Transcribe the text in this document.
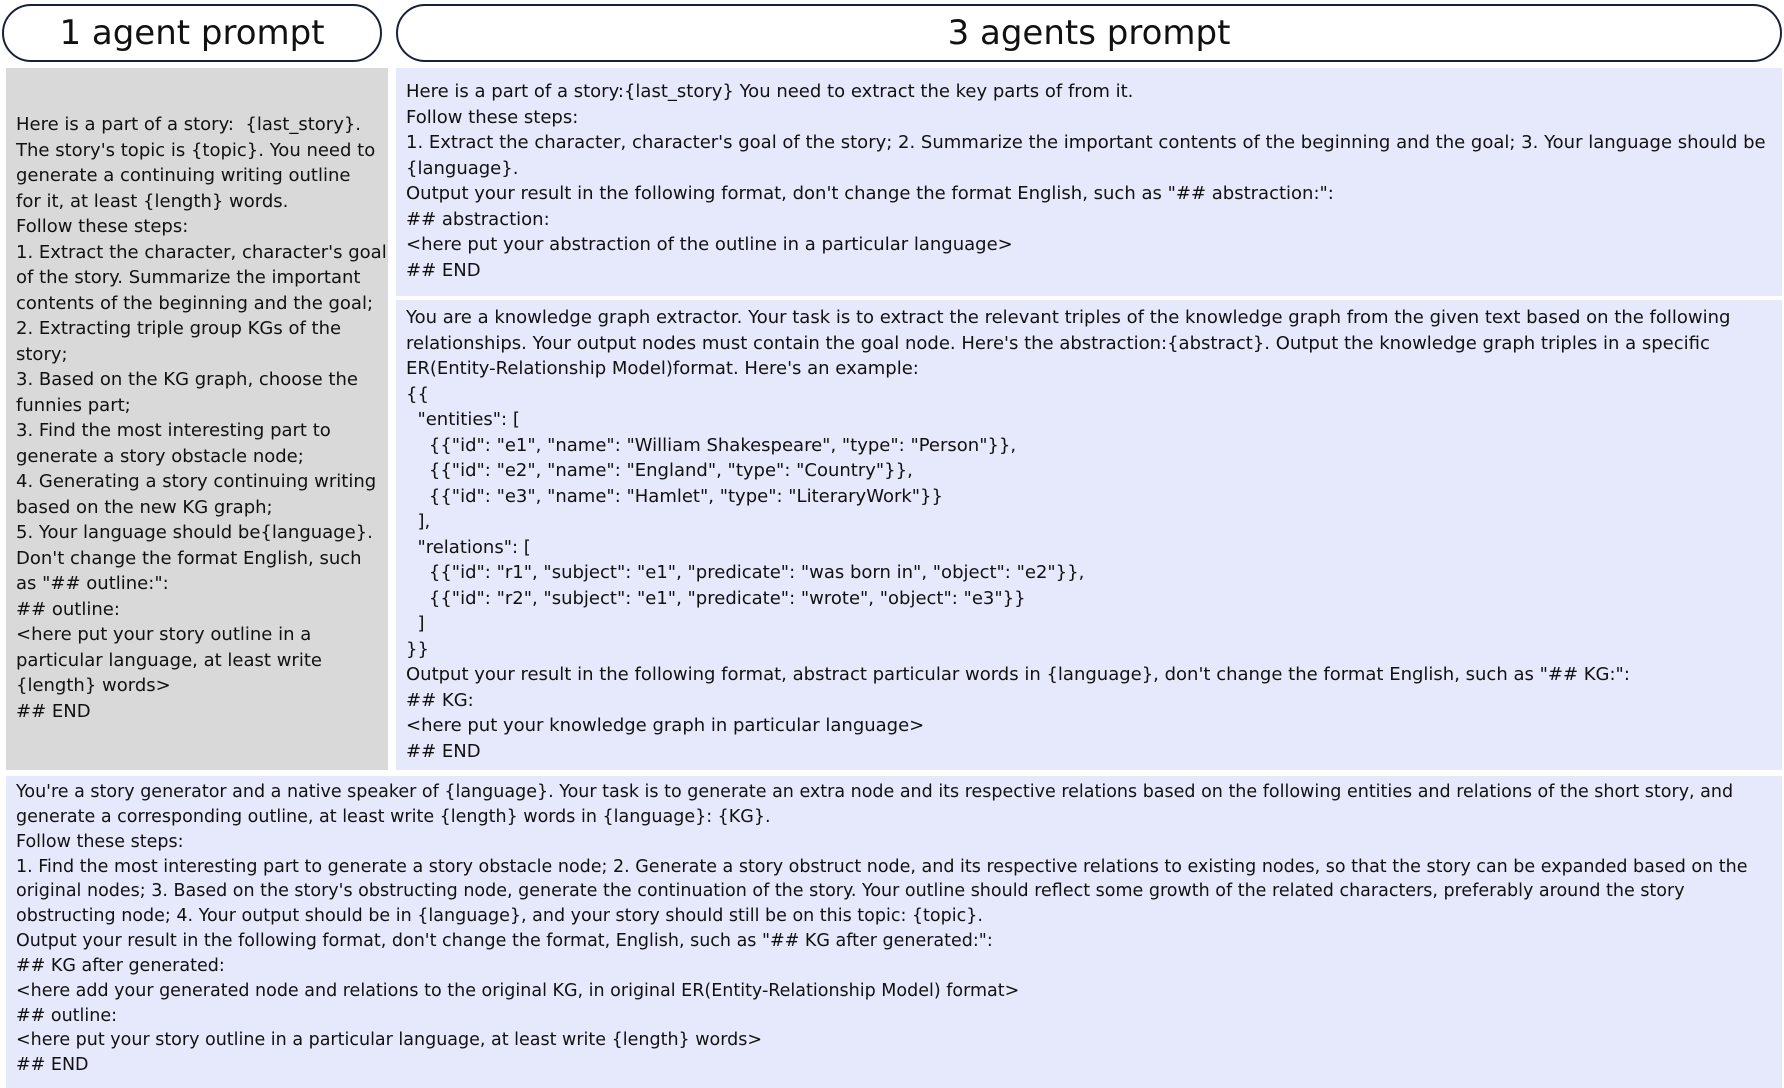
1 agent prompt	3 agents prompt
Here is a part of a story:  {last_story}.
The story's topic is {topic}. You need to
generate a continuing writing outline
for it, at least {length} words.
Follow these steps:
1. Extract the character, character's goal
of the story. Summarize the important
contents of the beginning and the goal;
2. Extracting triple group KGs of the
story;
3. Based on the KG graph, choose the
funnies part;
3. Find the most interesting part to
generate a story obstacle node;
4. Generating a story continuing writing
based on the new KG graph;
5. Your language should be{language}.
Don't change the format English, such
as "## outline:":
## outline:
<here put your story outline in a
particular language, at least write
{length} words>
## END
Here is a part of a story:{last_story} You need to extract the key parts of from it.
Follow these steps:
1. Extract the character, character's goal of the story; 2. Summarize the important contents of the beginning and the goal; 3. Your language should be
{language}.
Output your result in the following format, don't change the format English, such as "## abstraction:":
## abstraction:
<here put your abstraction of the outline in a particular language>
## END
You are a knowledge graph extractor. Your task is to extract the relevant triples of the knowledge graph from the given text based on the following
relationships. Your output nodes must contain the goal node. Here's the abstraction:{abstract}. Output the knowledge graph triples in a specific
ER(Entity-Relationship Model)format. Here's an example:
{{
"entities": [
{{"id": "e1", "name": "William Shakespeare", "type": "Person"}},
{{"id": "e2", "name": "England", "type": "Country"}},
{{"id": "e3", "name": "Hamlet", "type": "LiteraryWork"}}
],
"relations": [
{{"id": "r1", "subject": "e1", "predicate": "was born in", "object": "e2"}},
{{"id": "r2", "subject": "e1", "predicate": "wrote", "object": "e3"}}
]
}}
Output your result in the following format, abstract particular words in {language}, don't change the format English, such as "## KG:":
## KG:
<here put your knowledge graph in particular language>
## END
You're a story generator and a native speaker of {language}. Your task is to generate an extra node and its respective relations based on the following entities and relations of the short story, and
generate a corresponding outline, at least write {length} words in {language}: {KG}.
Follow these steps:
1. Find the most interesting part to generate a story obstacle node; 2. Generate a story obstruct node, and its respective relations to existing nodes, so that the story can be expanded based on the
original nodes; 3. Based on the story's obstructing node, generate the continuation of the story. Your outline should reflect some growth of the related characters, preferably around the story
obstructing node; 4. Your output should be in {language}, and your story should still be on this topic: {topic}.
Output your result in the following format, don't change the format, English, such as "## KG after generated:":
## KG after generated:
<here add your generated node and relations to the original KG, in original ER(Entity-Relationship Model) format>
## outline:
<here put your story outline in a particular language, at least write {length} words>
## END
